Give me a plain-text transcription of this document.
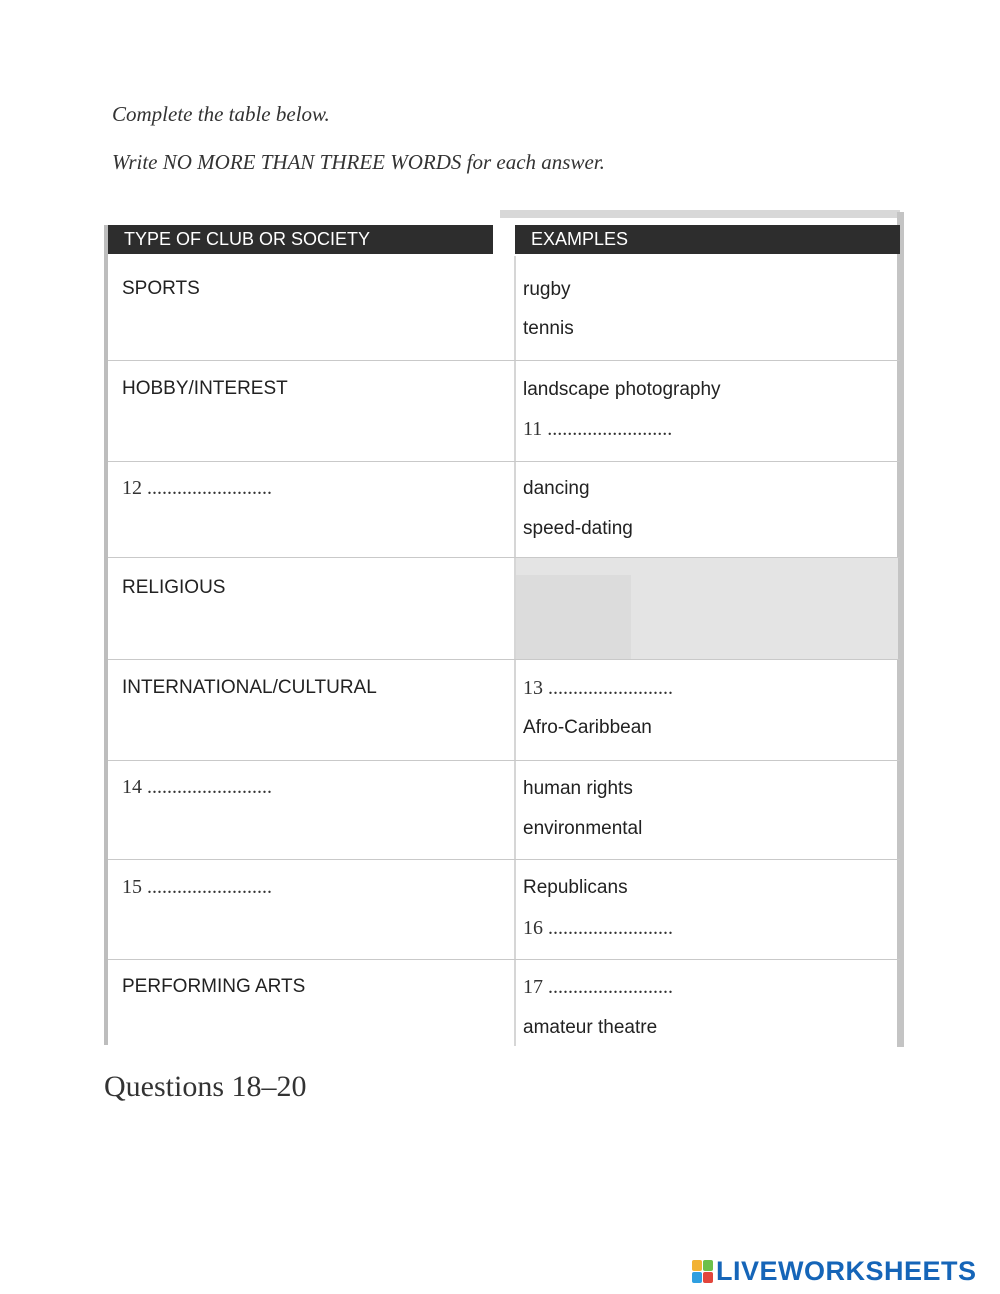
Complete the table below.
Write NO MORE THAN THREE WORDS for each answer.
TYPE OF CLUB OR SOCIETY	EXAMPLES
SPORTS	rugby
tennis
HOBBY/INTEREST	landscape photography
11 .........................
12 .........................	dancing
speed-dating
RELIGIOUS
INTERNATIONAL/CULTURAL	13 .........................
Afro-Caribbean
14 .........................	human rights
environmental
15 .........................	Republicans
16 .........................
PERFORMING ARTS	17 .........................
amateur theatre
Questions 18–20
LIVEWORKSHEETS
